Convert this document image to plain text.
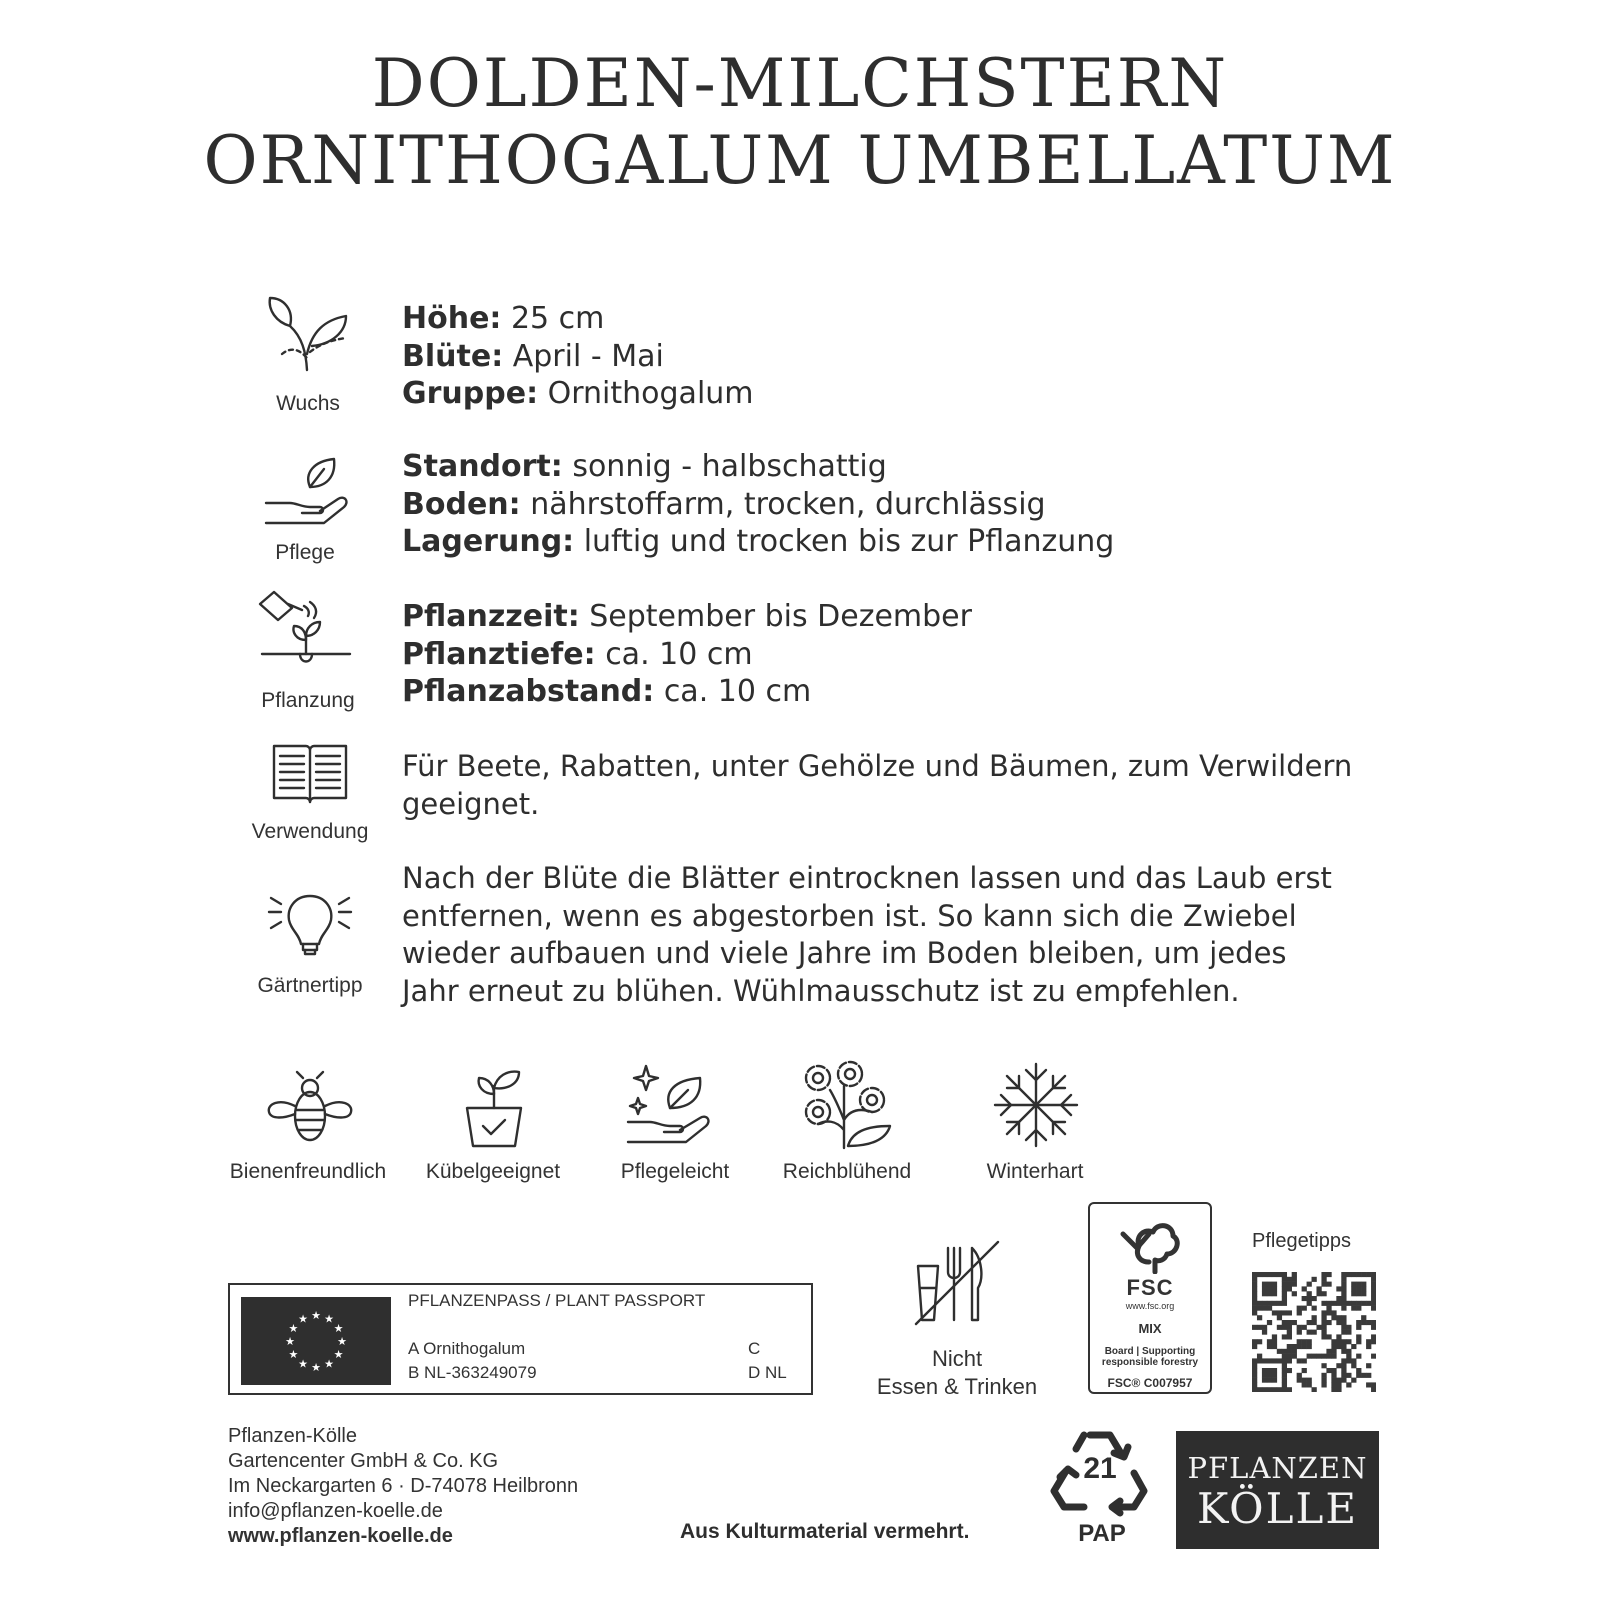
DOLDEN-MILCHSTERN
ORNITHOGALUM UMBELLATUM
Wuchs
Höhe: 25 cm
Blüte: April - Mai
Gruppe: Ornithogalum
Pflege
Standort: sonnig - halbschattig
Boden: nährstoffarm, trocken, durchlässig
Lagerung: luftig und trocken bis zur Pflanzung
Pflanzung
Pflanzzeit: September bis Dezember
Pflanztiefe: ca. 10 cm
Pflanzabstand: ca. 10 cm
Verwendung
Für Beete, Rabatten, unter Gehölze und Bäumen, zum Verwildern geeignet.
Gärtnertipp
Nach der Blüte die Blätter eintrocknen lassen und das Laub erst entfernen, wenn es abgestorben ist. So kann sich die Zwiebel wieder aufbauen und viele Jahre im Boden bleiben, um jedes Jahr erneut zu blühen. Wühlmausschutz ist zu empfehlen.
Bienenfreundlich	Kübelgeeignet	Pflegeleicht	Reichblühend	Winterhart
★ ★
★
★
★
★
★
★
★
★
★
★
PFLANZENPASS / PLANT PASSPORT
A Ornithogalum
B NL-363249079
C
D NL
Nicht
Essen & Trinken
FSC
www.fsc.org
MIX
Board | Supporting
responsible forestry
FSC® C007957
Pflegetipps
Pflanzen-Kölle
Gartencenter GmbH & Co. KG
Im Neckargarten 6 · D-74078 Heilbronn
info@pflanzen-koelle.de
www.pflanzen-koelle.de	Aus Kulturmaterial vermehrt.
21
PAP
PFLANZEN
KÖLLE
